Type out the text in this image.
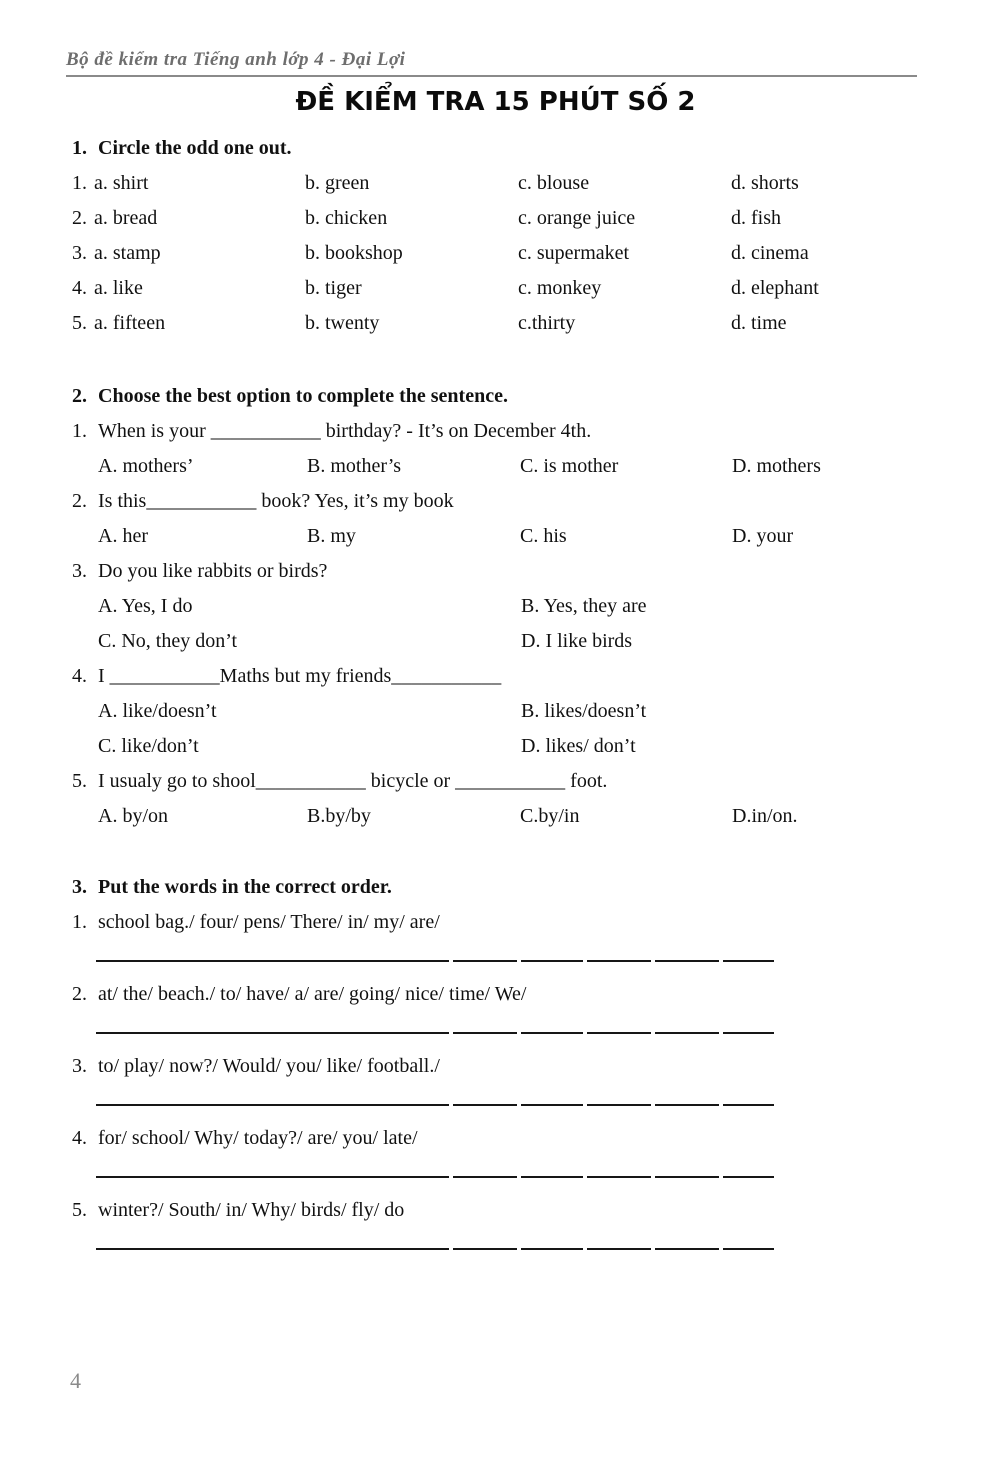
Bộ đề kiểm tra Tiếng anh lớp 4 - Đại Lợi
ĐỀ KIỂM TRA 15 PHÚT SỐ 2
1. Circle the odd one out.
1. a. shirt	b. green	c. blouse	d. shorts
2. a. bread	b. chicken	c. orange juice	d. fish
3. a. stamp	b. bookshop	c. supermaket	d. cinema
4. a. like	b. tiger	c. monkey	d. elephant
5. a. fifteen	b. twenty	c.thirty	d. time
2. Choose the best option to complete the sentence.
1. When is your ___________ birthday? - It’s on December 4th.
A. mothers’	B. mother’s	C. is mother	D. mothers
2. Is this___________ book? Yes, it’s my book
A. her	B. my	C. his	D. your
3. Do you like rabbits or birds?
A. Yes, I do	B. Yes, they are
C. No, they don’t	D. I like birds
4. I ___________Maths but my friends___________
A. like/doesn’t	B. likes/doesn’t
C. like/don’t	D. likes/ don’t
5. I usualy go to shool___________ bicycle or ___________ foot.
A. by/on	B.by/by	C.by/in	D.in/on.
3. Put the words in the correct order.
1. school bag./ four/ pens/ There/ in/ my/ are/
2. at/ the/ beach./ to/ have/ a/ are/ going/ nice/ time/ We/
3. to/ play/ now?/ Would/ you/ like/ football./
4. for/ school/ Why/ today?/ are/ you/ late/
5. winter?/ South/ in/ Why/ birds/ fly/ do
4
